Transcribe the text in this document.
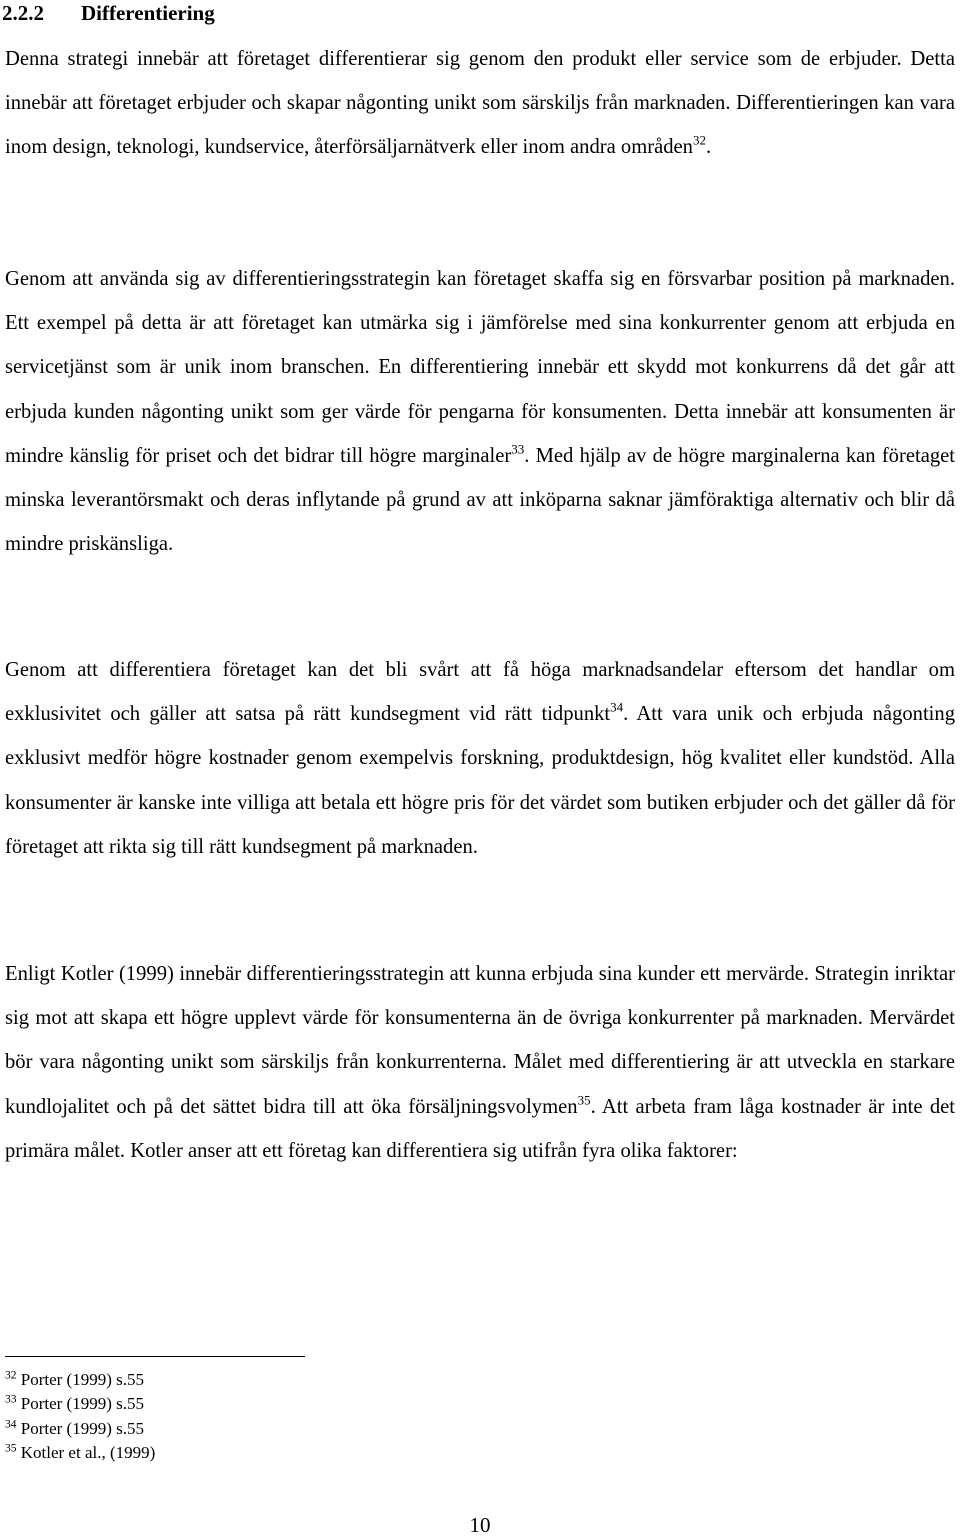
2.2.2 Differentiering

Denna strategi innebär att företaget differentierar sig genom den produkt eller service som de erbjuder. Detta innebär att företaget erbjuder och skapar någonting unikt som särskiljs från marknaden. Differentieringen kan vara inom design, teknologi, kundservice, återförsäljarnätverk eller inom andra områden$^{32}$.

Genom att använda sig av differentieringsstrategin kan företaget skaffa sig en försvarbar position på marknaden. Ett exempel på detta är att företaget kan utmärka sig i jämförelse med sina konkurrenter genom att erbjuda en servicetjänst som är unik inom branschen. En differentiering innebär ett skydd mot konkurrens då det går att erbjuda kunden någonting unikt som ger värde för pengarna för konsumenten. Detta innebär att konsumenten är mindre känslig för priset och det bidrar till högre marginaler$^{33}$. Med hjälp av de högre marginalerna kan företaget minska leverantörsmakt och deras inflytande på grund av att inköparna saknar jämföraktiga alternativ och blir då mindre priskänsliga.

Genom att differentiera företaget kan det bli svårt att få höga marknadsandelar eftersom det handlar om exklusivitet och gäller att satsa på rätt kundsegment vid rätt tidpunkt$^{34}$. Att vara unik och erbjuda någonting exklusivt medför högre kostnader genom exempelvis forskning, produktdesign, hög kvalitet eller kundstöd. Alla konsumenter är kanske inte villiga att betala ett högre pris för det värdet som butiken erbjuder och det gäller då för företaget att rikta sig till rätt kundsegment på marknaden.

Enligt Kotler (1999) innebär differentieringsstrategin att kunna erbjuda sina kunder ett mervärde. Strategin inriktar sig mot att skapa ett högre upplevt värde för konsumenterna än de övriga konkurrenter på marknaden. Mervärdet bör vara någonting unikt som särskiljs från konkurrenterna. Målet med differentiering är att utveckla en starkare kundlojalitet och på det sättet bidra till att öka försäljningsvolymen$^{35}$. Att arbeta fram låga kostnader är inte det primära målet. Kotler anser att ett företag kan differentiera sig utifrån fyra olika faktorer:

$^{32}$ Porter (1999) s.55
$^{33}$ Porter (1999) s.55
$^{34}$ Porter (1999) s.55
$^{35}$ Kotler et al., (1999)
10
